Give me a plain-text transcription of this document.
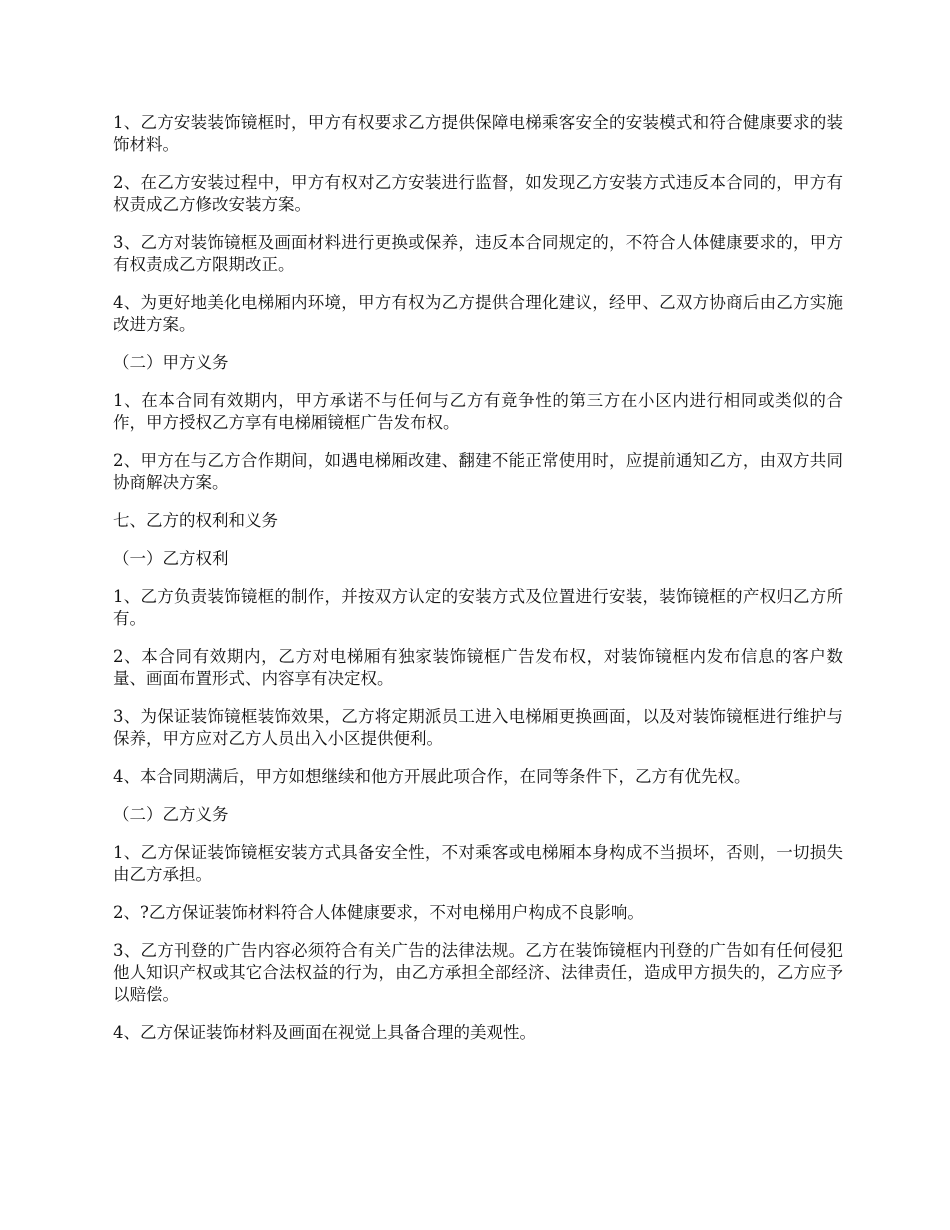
1、乙方安装装饰镜框时，甲方有权要求乙方提供保障电梯乘客安全的安装模式和符合健康要求的装饰材料。

2、在乙方安装过程中，甲方有权对乙方安装进行监督，如发现乙方安装方式违反本合同的，甲方有权责成乙方修改安装方案。

3、乙方对装饰镜框及画面材料进行更换或保养，违反本合同规定的，不符合人体健康要求的，甲方有权责成乙方限期改正。

4、为更好地美化电梯厢内环境，甲方有权为乙方提供合理化建议，经甲、乙双方协商后由乙方实施改进方案。

（二）甲方义务

1、在本合同有效期内，甲方承诺不与任何与乙方有竟争性的第三方在小区内进行相同或类似的合作，甲方授权乙方享有电梯厢镜框广告发布权。

2、甲方在与乙方合作期间，如遇电梯厢改建、翻建不能正常使用时，应提前通知乙方，由双方共同协商解决方案。

七、乙方的权利和义务

（一）乙方权利

1、乙方负责装饰镜框的制作，并按双方认定的安装方式及位置进行安装，装饰镜框的产权归乙方所有。

2、本合同有效期内，乙方对电梯厢有独家装饰镜框广告发布权，对装饰镜框内发布信息的客户数量、画面布置形式、内容享有决定权。

3、为保证装饰镜框装饰效果，乙方将定期派员工进入电梯厢更换画面，以及对装饰镜框进行维护与保养，甲方应对乙方人员出入小区提供便利。

4、本合同期满后，甲方如想继续和他方开展此项合作，在同等条件下，乙方有优先权。

（二）乙方义务

1、乙方保证装饰镜框安装方式具备安全性，不对乘客或电梯厢本身构成不当损坏，否则，一切损失由乙方承担。

2、?乙方保证装饰材料符合人体健康要求，不对电梯用户构成不良影响。

3、乙方刊登的广告内容必须符合有关广告的法律法规。乙方在装饰镜框内刊登的广告如有任何侵犯他人知识产权或其它合法权益的行为，由乙方承担全部经济、法律责任，造成甲方损失的，乙方应予以赔偿。

4、乙方保证装饰材料及画面在视觉上具备合理的美观性。
